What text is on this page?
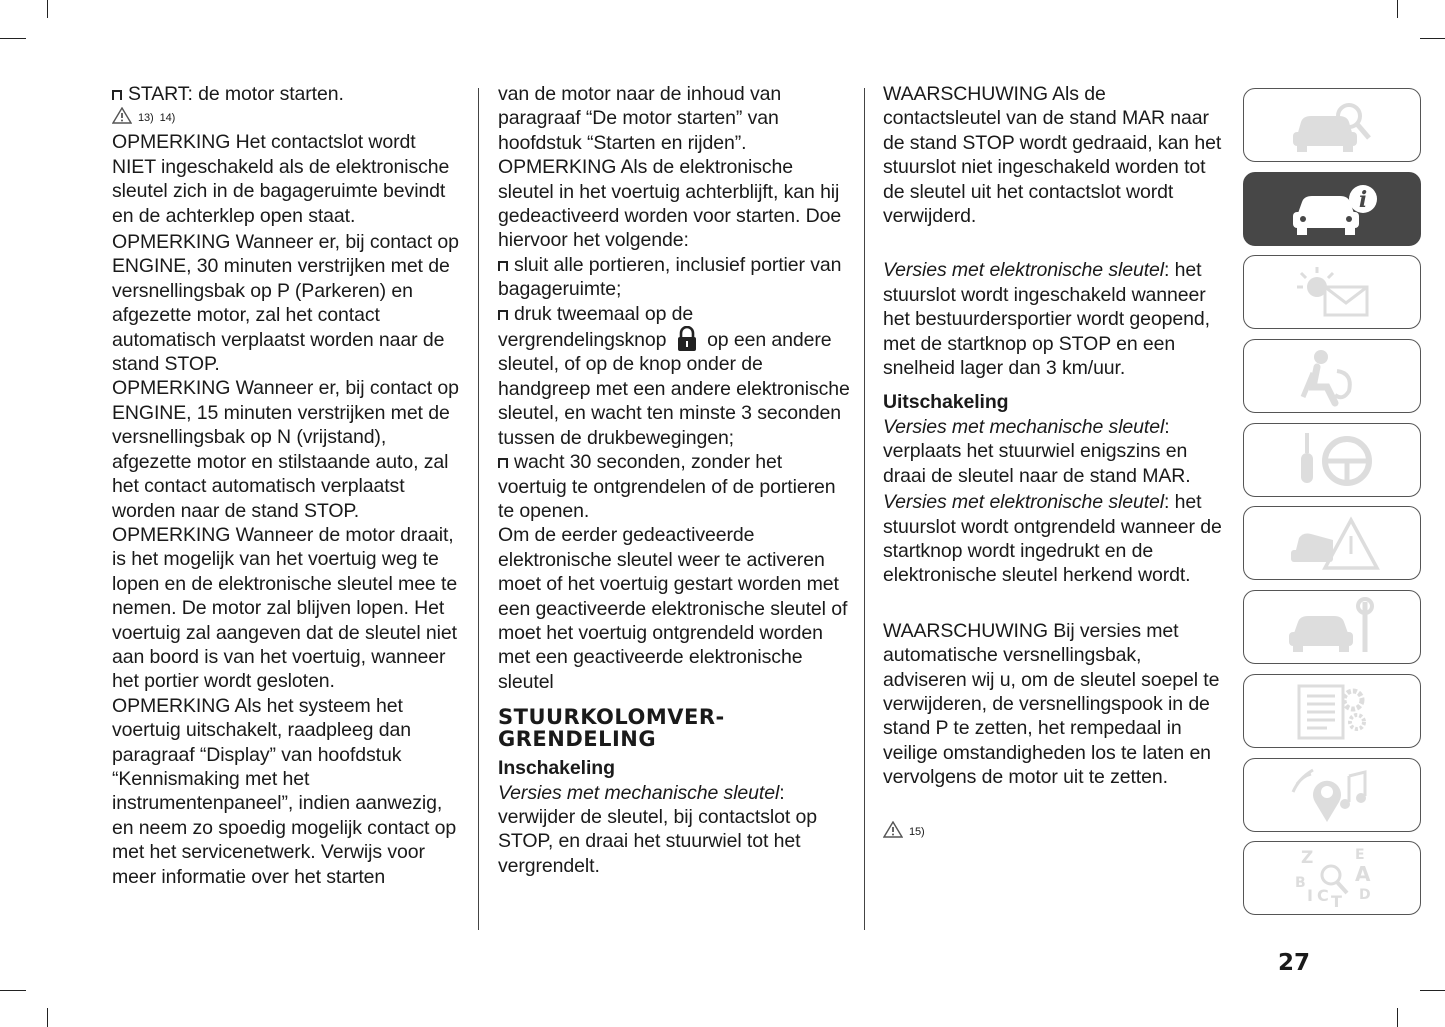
START: de motor starten.

13) 14)

OPMERKING Het contactslot wordt NIET ingeschakeld als de elektronische sleutel zich in de bagageruimte bevindt en de achterklep open staat.

OPMERKING Wanneer er, bij contact op ENGINE, 30 minuten verstrijken met de versnellingsbak op P (Parkeren) en afgezette motor, zal het contact automatisch verplaatst worden naar de stand STOP.

OPMERKING Wanneer er, bij contact op ENGINE, 15 minuten verstrijken met de versnellingsbak op N (vrijstand), afgezette motor en stilstaande auto, zal het contact automatisch verplaatst worden naar de stand STOP.

OPMERKING Wanneer de motor draait, is het mogelijk van het voertuig weg te lopen en de elektronische sleutel mee te nemen. De motor zal blijven lopen. Het voertuig zal aangeven dat de sleutel niet aan boord is van het voertuig, wanneer het portier wordt gesloten.

OPMERKING Als het systeem het voertuig uitschakelt, raadpleeg dan paragraaf “Display” van hoofdstuk “Kennismaking met het instrumentenpaneel”, indien aanwezig, en neem zo spoedig mogelijk contact op met het servicenetwerk. Verwijs voor meer informatie over het starten

van de motor naar de inhoud van paragraaf “De motor starten” van hoofdstuk “Starten en rijden”.

OPMERKING Als de elektronische sleutel in het voertuig achterblijft, kan hij gedeactiveerd worden voor starten. Doe hiervoor het volgende:

sluit alle portieren, inclusief portier van bagageruimte;

druk tweemaal op de vergrendelingsknop op een andere sleutel, of op de knop onder de handgreep met een andere elektronische sleutel, en wacht ten minste 3 seconden tussen de drukbewegingen;

wacht 30 seconden, zonder het voertuig te ontgrendelen of de portieren te openen.

Om de eerder gedeactiveerde elektronische sleutel weer te activeren moet of het voertuig gestart worden met een geactiveerde elektronische sleutel of moet het voertuig ontgrendeld worden met een geactiveerde elektronische sleutel

STUURKOLOMVER-
GRENDELING

Inschakeling

Versies met mechanische sleutel: verwijder de sleutel, bij contactslot op STOP, en draai het stuurwiel tot het vergrendelt.

WAARSCHUWING Als de contactsleutel van de stand MAR naar de stand STOP wordt gedraaid, kan het stuurslot niet ingeschakeld worden tot de sleutel uit het contactslot wordt verwijderd.

Versies met elektronische sleutel: het stuurslot wordt ingeschakeld wanneer het bestuurdersportier wordt geopend, met de startknop op STOP en een snelheid lager dan 3 km/uur.

Uitschakeling

Versies met mechanische sleutel: verplaats het stuurwiel enigszins en draai de sleutel naar de stand MAR.

Versies met elektronische sleutel: het stuurslot wordt ontgrendeld wanneer de startknop wordt ingedrukt en de elektronische sleutel herkend wordt.

WAARSCHUWING Bij versies met automatische versnellingsbak, adviseren wij u, om de sleutel soepel te verwijderen, de versnellingspook in de stand P te zetten, het rempedaal in veilige omstandigheden los te laten en vervolgens de motor uit te zetten.

15)

i
Z	E
A
B
C T D
I
27
